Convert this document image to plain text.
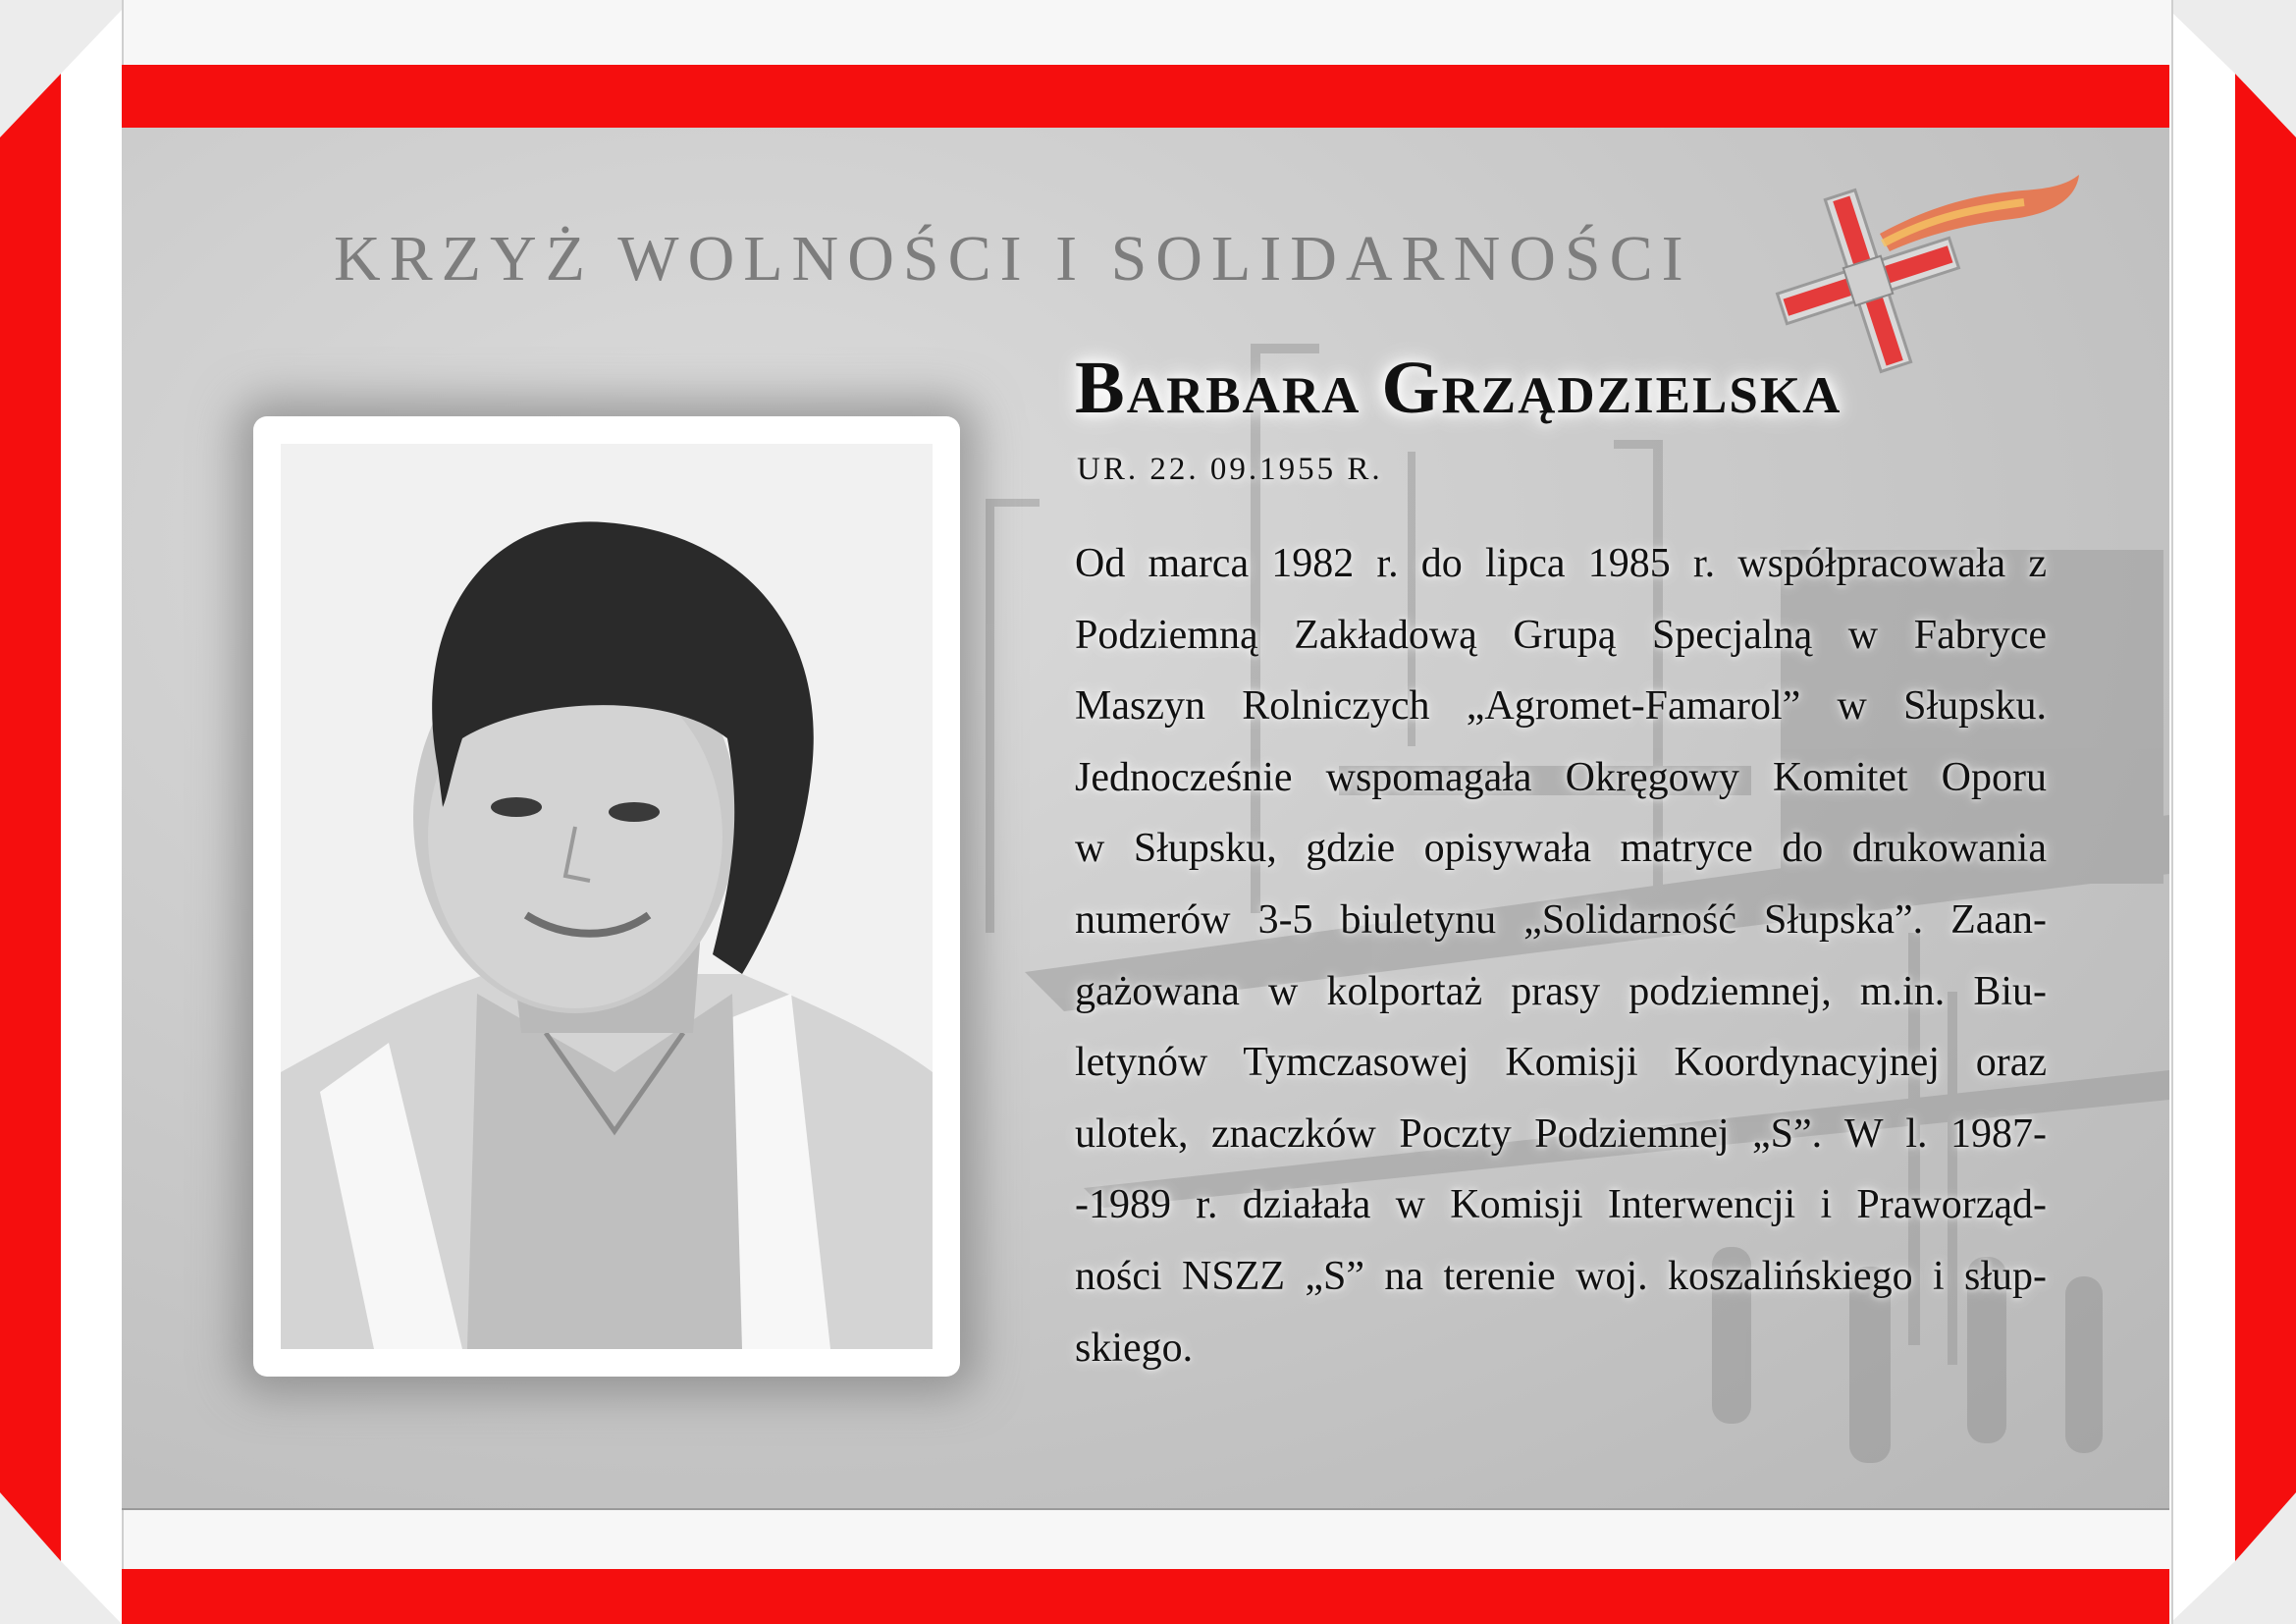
KRZYŻ WOLNOŚCI I SOLIDARNOŚCI
Barbara Grządzielska
UR. 22. 09.1955 R.
Od marca 1982 r. do lipca 1985 r. współpracowała z
Podziemną Zakładową Grupą Specjalną w Fabryce
Maszyn Rolniczych „Agromet-Famarol” w Słupsku.
Jednocześnie wspomagała Okręgowy Komitet Oporu
w Słupsku, gdzie opisywała matryce do drukowania
numerów 3-5 biuletynu „Solidarność Słupska”. Zaan-
gażowana w kolportaż prasy podziemnej, m.in. Biu-
letynów Tymczasowej Komisji Koordynacyjnej oraz
ulotek, znaczków Poczty Podziemnej „S”. W l. 1987-
-1989 r. działała w Komisji Interwencji i Praworząd-
ności NSZZ „S” na terenie woj. koszalińskiego i słup-
skiego.
